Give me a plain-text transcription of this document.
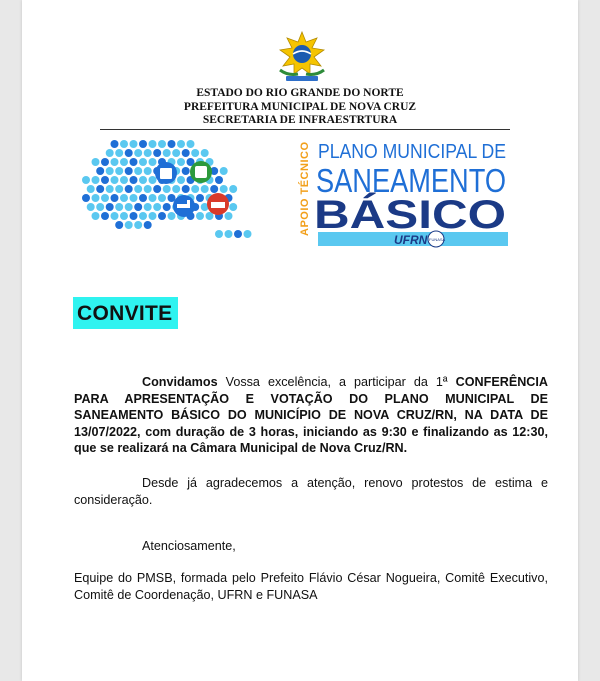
ESTADO DO RIO GRANDE DO NORTE
PREFEITURA MUNICIPAL DE NOVA CRUZ
SECRETARIA DE INFRAESTRTURA
APOIO TÉCNICO PLANO MUNICIPAL DE
SANEAMENTO
BÁSICO
UFRN FUNASA
CONVITE
Convidamos Vossa excelência, a participar da 1ª CONFERÊNCIA PARA APRESENTAÇÃO E VOTAÇÃO DO PLANO MUNICIPAL DE SANEAMENTO BÁSICO DO MUNICÍPIO DE NOVA CRUZ/RN, NA DATA DE 13/07/2022, com duração de 3 horas, iniciando as 9:30 e finalizando as 12:30, que se realizará na Câmara Municipal de Nova Cruz/RN.
Desde já agradecemos a atenção, renovo protestos de estima e consideração.
Atenciosamente,
Equipe do PMSB, formada pelo Prefeito Flávio César Nogueira, Comitê Executivo, Comitê de Coordenação, UFRN e FUNASA
